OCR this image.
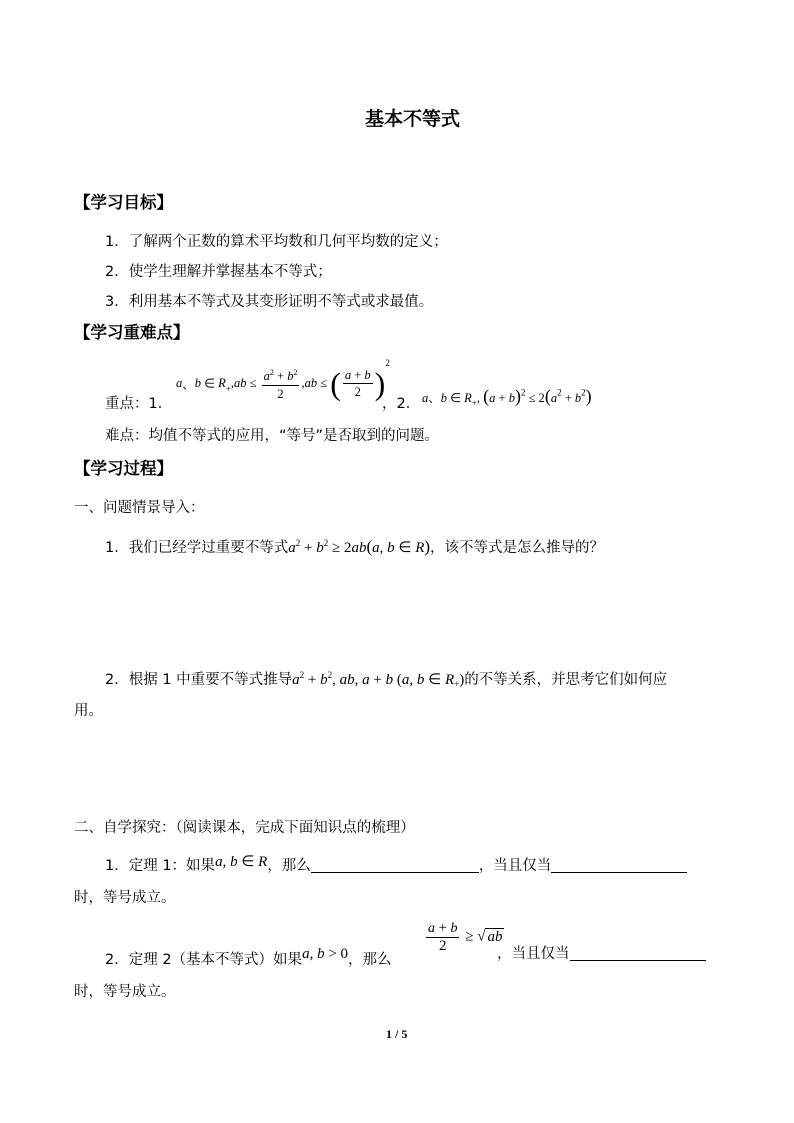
基本不等式
【学习目标】
1．了解两个正数的算术平均数和几何平均数的定义；
2．使学生理解并掌握基本不等式；
3．利用基本不等式及其变形证明不等式或求最值。
【学习重难点】
重点：1．
a、b ∈ $R_+,ab \le \frac{a^2 + b^2}{2} ,ab$ ≤ ( $\frac{a + b}{2} )^2$
，2． a、b ∈ $R_+$, $(a + b)^2 \le 2(a^2 + b^2)$
难点：均值不等式的应用，“等号”是否取到的问题。
【学习过程】
一、问题情景导入：
1．我们已经学过重要不等式$a^2 + b^2 \ge 2ab(a$, b ∈ R)，该不等式是怎么推导的？
2．根据 1 中重要不等式推导$a^2 + b^2$, ab, a + b (a, b ∈ $R_+$)的不等关系，并思考它们如何应
用。
二、自学探究：（阅读课本，完成下面知识点的梳理）
1．定理 1：如果a, b ∈ R，那么	，当且仅当
时，等号成立。
2．定理 2（基本不等式）如果a, b > 0，那么
$\frac{a + b}{2}$ ≥ √ ab
，当且仅当
时，等号成立。
1 / 5
